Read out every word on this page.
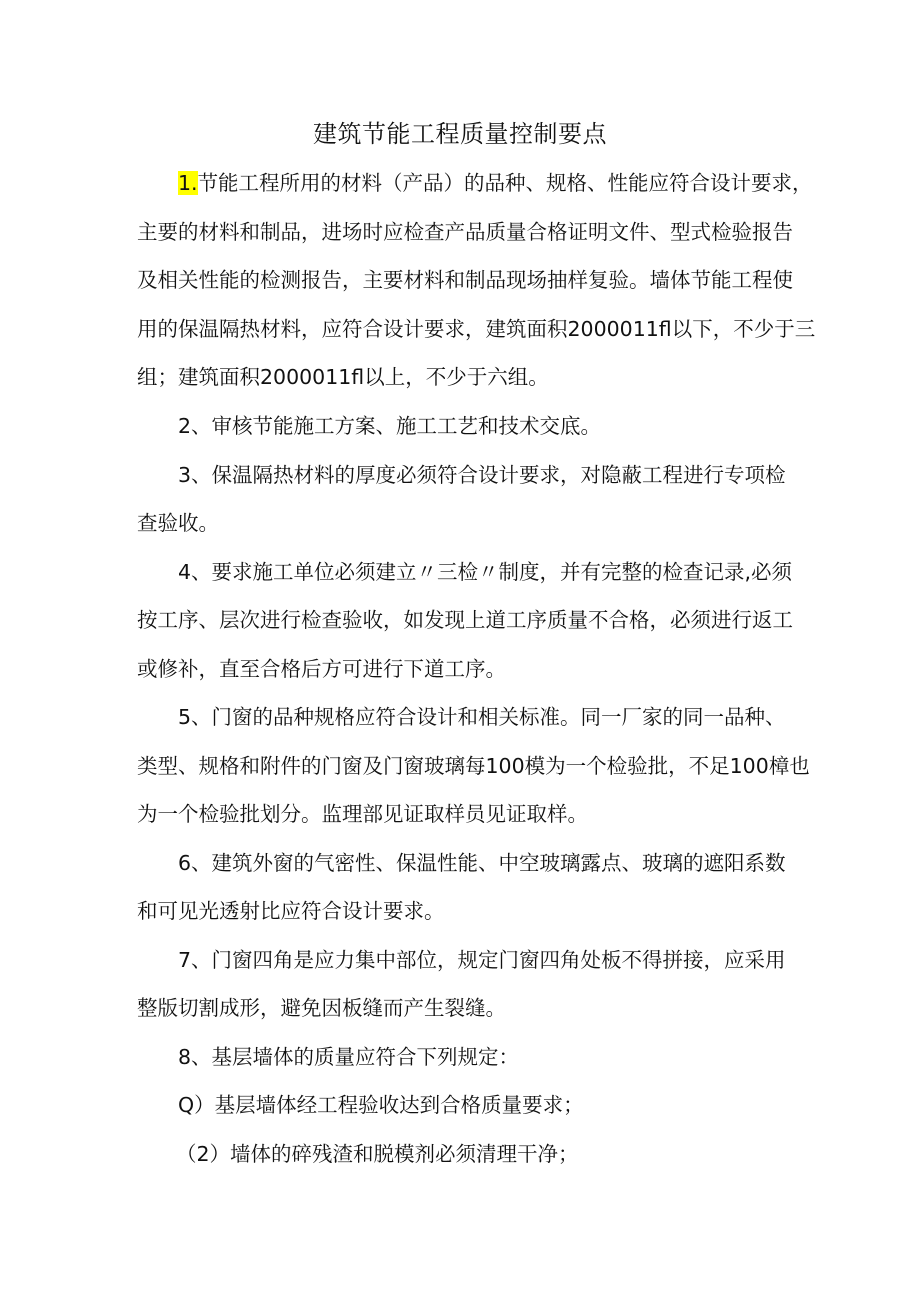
建筑节能工程质量控制要点
1.节能工程所用的材料（产品）的品种、规格、性能应符合设计要求，
主要的材料和制品，进场时应检查产品质量合格证明文件、型式检验报告
及相关性能的检测报告，主要材料和制品现场抽样复验。墙体节能工程使
用的保温隔热材料，应符合设计要求，建筑面积2000011fl以下，不少于三
组；建筑面积2000011fl以上，不少于六组。
2、审核节能施工方案、施工工艺和技术交底。
3、保温隔热材料的厚度必须符合设计要求，对隐蔽工程进行专项检
查验收。
4、要求施工单位必须建立〃三检〃制度，并有完整的检查记录,必须
按工序、层次进行检查验收，如发现上道工序质量不合格，必须进行返工
或修补，直至合格后方可进行下道工序。
5、门窗的品种规格应符合设计和相关标准。同一厂家的同一品种、
类型、规格和附件的门窗及门窗玻璃每100模为一个检验批，不足100樟也
为一个检验批划分。监理部见证取样员见证取样。
6、建筑外窗的气密性、保温性能、中空玻璃露点、玻璃的遮阳系数
和可见光透射比应符合设计要求。
7、门窗四角是应力集中部位，规定门窗四角处板不得拼接，应采用
整版切割成形，避免因板缝而产生裂缝。
8、基层墙体的质量应符合下列规定：
Q）基层墙体经工程验收达到合格质量要求；
（2）墙体的碎残渣和脱模剂必须清理干净；
